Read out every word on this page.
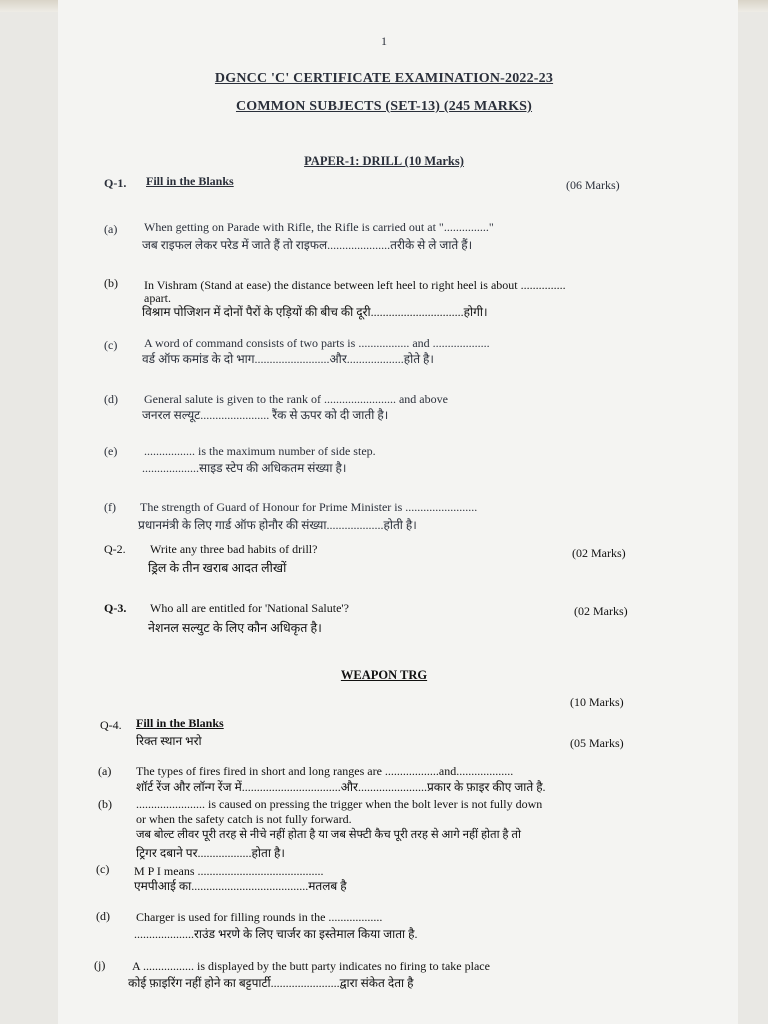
1
DGNCC 'C' CERTIFICATE EXAMINATION-2022-23
COMMON SUBJECTS (SET-13) (245 MARKS)
PAPER-1: DRILL (10 Marks)
Q-1. Fill in the Blanks	(06 Marks)
(a) When getting on Parade with Rifle, the Rifle is carried out at "..............."
जब राइफल लेकर परेड में जाते हैं तो राइफल.....................तरीके से ले जाते हैं।
(b) In Vishram (Stand at ease) the distance between left heel to right heel is about ...............
apart.
विश्राम पोजिशन में दोनों पैरों के एड़ियों की बीच की दूरी...............................होगी।
(c) A word of command consists of two parts is ................. and ...................
वर्ड ऑफ कमांड के दो भाग.........................और...................होते है।
(d) General salute is given to the rank of ........................ and above
जनरल सल्यूट....................... रैंक से ऊपर को दी जाती है।
(e) ................. is the maximum number of side step.
...................साइड स्टेप की अधिकतम संख्या है।
(f) The strength of Guard of Honour for Prime Minister is ........................
प्रधानमंत्री के लिए गार्ड ऑफ होनौर की संख्या...................होती है।
Q-2. Write any three bad habits of drill?	(02 Marks)
ड्रिल के तीन खराब आदत लीखों
Q-3. Who all are entitled for 'National Salute'?	(02 Marks)
नेशनल सल्युट के लिए कौन अधिकृत है।
WEAPON TRG
(10 Marks)
Q-4. Fill in the Blanks
रिक्त स्थान भरो	(05 Marks)
(a) The types of fires fired in short and long ranges are ..................and...................
शॉर्ट रेंज और लॉन्ग रेंज में.................................और.......................प्रकार के फ़ाइर कीए जाते है.
(b) ....................... is caused on pressing the trigger when the bolt lever is not fully down
or when the safety catch is not fully forward.
जब बोल्ट लीवर पूरी तरह से नीचे नहीं होता है या जब सेफ्टी कैच पूरी तरह से आगे नहीं होता है तो
ट्रिगर दबाने पर..................होता है।
(c) M P I means ..........................................
एमपीआई का.......................................मतलब है
(d) Charger is used for filling rounds in the ..................
....................राउंड भरणे के लिए चार्जर का इस्तेमाल किया जाता है.
(j) A ................. is displayed by the butt party indicates no firing to take place
कोई फ़ाइरिंग नहीं होने का बट्टपार्टी.......................द्वारा संकेत देता है
